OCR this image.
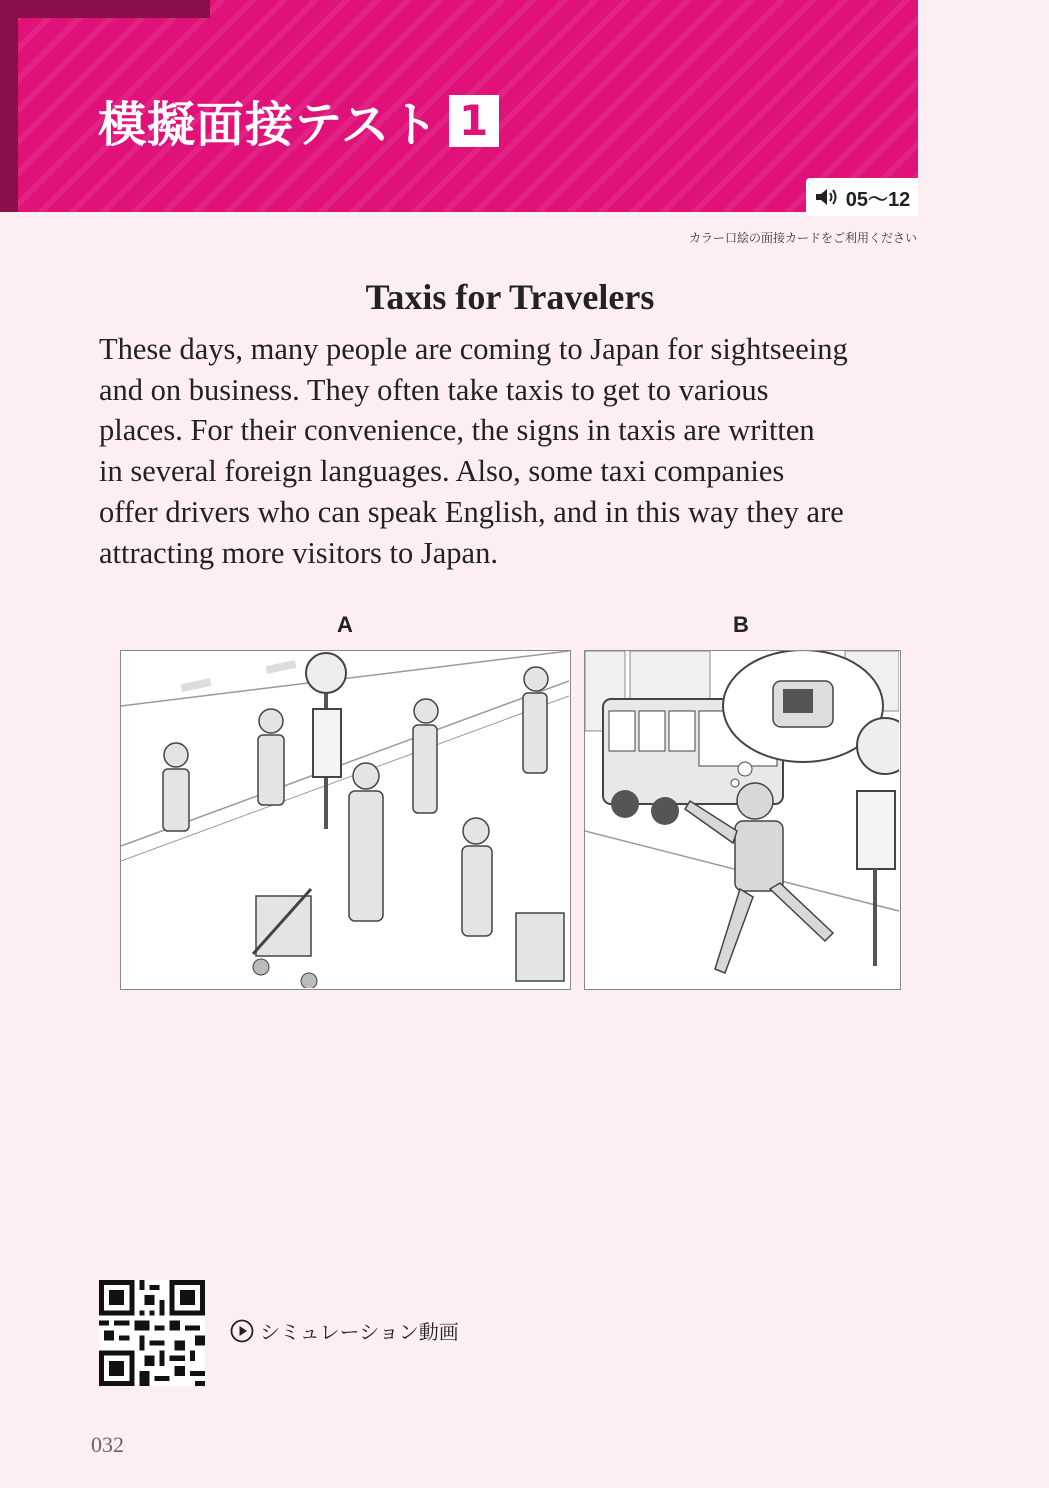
模擬面接テスト 1
05～12
カラー口絵の面接カードをご利用ください
Taxis for Travelers
These days, many people are coming to Japan for sightseeing
and on business. They often take taxis to get to various
places. For their convenience, the signs in taxis are written
in several foreign languages. Also, some taxi companies
offer drivers who can speak English, and in this way they are
attracting more visitors to Japan.
A	B
シミュレーション動画
032
